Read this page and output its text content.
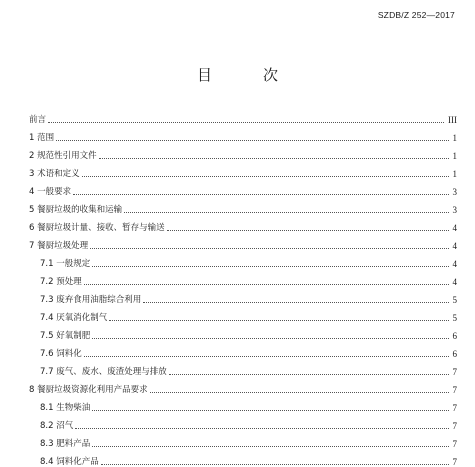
SZDB/Z 252—2017
目　次
前言	III
1 范围	1
2 规范性引用文件	1
3 术语和定义	1
4 一般要求	3
5 餐厨垃圾的收集和运输	3
6 餐厨垃圾计量、接收、暂存与输送	4
7 餐厨垃圾处理	4
7.1 一般规定	4
7.2 预处理	4
7.3 废弃食用油脂综合利用	5
7.4 厌氧消化制气	5
7.5 好氧制肥	6
7.6 饲料化	6
7.7 废气、废水、废渣处理与排放	7
8 餐厨垃圾资源化利用产品要求	7
8.1 生物柴油	7
8.2 沼气	7
8.3 肥料产品	7
8.4 饲料化产品	7
